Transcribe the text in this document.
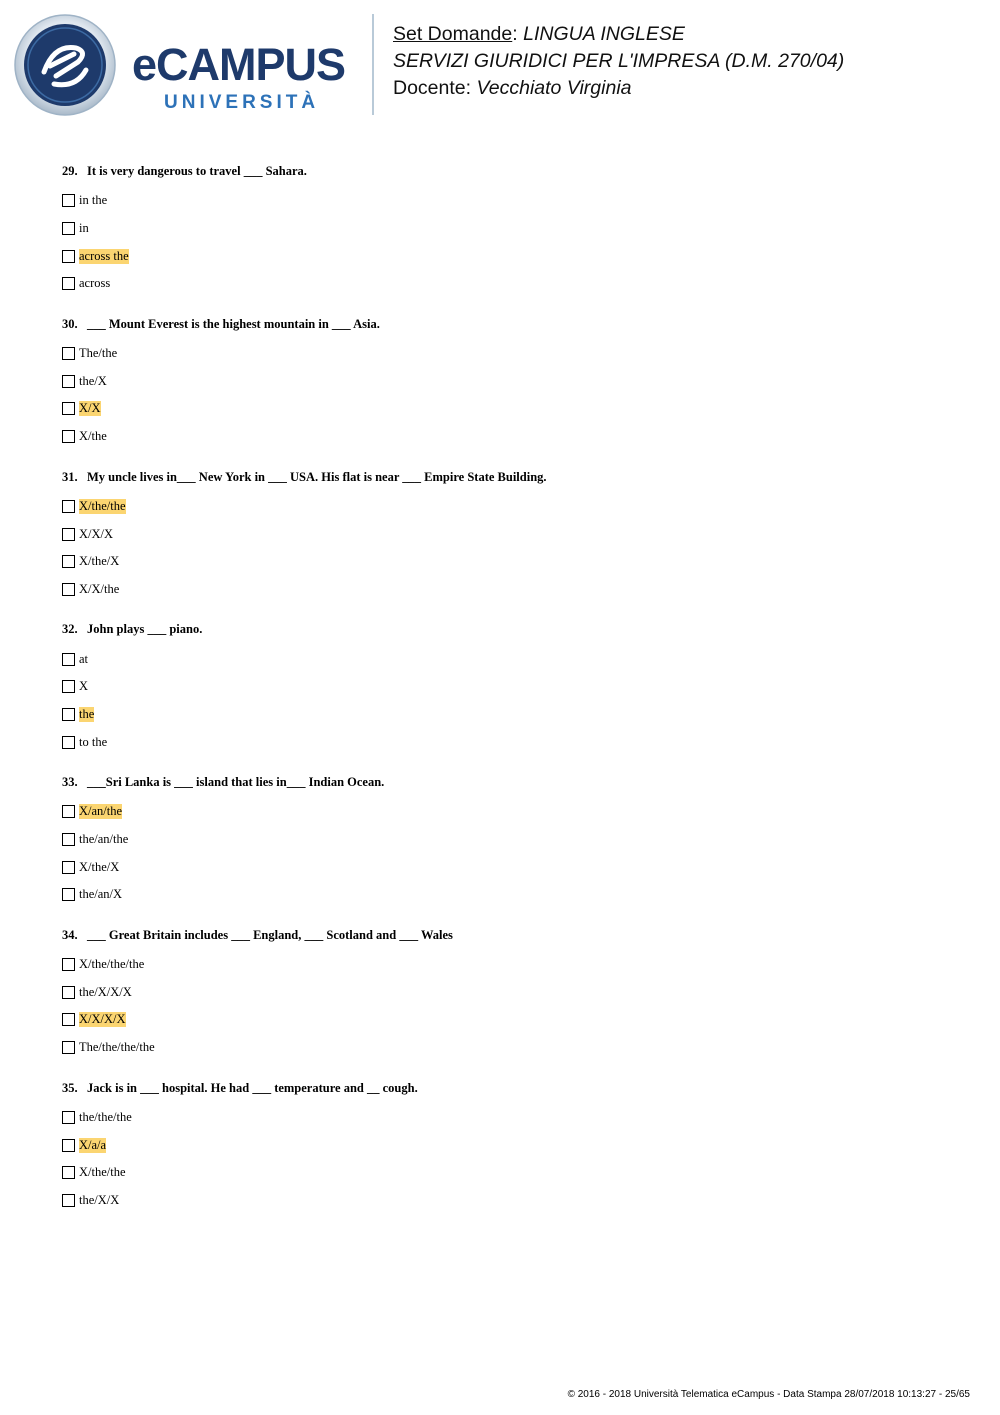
eCAMPUS
UNIVERSITÀ
Set Domande: LINGUA INGLESE
SERVIZI GIURIDICI PER L'IMPRESA (D.M. 270/04)
Docente: Vecchiato Virginia
29. It is very dangerous to travel ___ Sahara.
in the
in
across the
across
30. ___ Mount Everest is the highest mountain in ___ Asia.
The/the
the/X
X/X
X/the
31. My uncle lives in___ New York in ___ USA. His flat is near ___ Empire State Building.
X/the/the
X/X/X
X/the/X
X/X/the
32. John plays ___ piano.
at
X
the
to the
33. ___Sri Lanka is ___ island that lies in___ Indian Ocean.
X/an/the
the/an/the
X/the/X
the/an/X
34. ___ Great Britain includes ___ England, ___ Scotland and ___ Wales
X/the/the/the
the/X/X/X
X/X/X/X
The/the/the/the
35. Jack is in ___ hospital. He had ___ temperature and __ cough.
the/the/the
X/a/a
X/the/the
the/X/X
© 2016 - 2018 Università Telematica eCampus - Data Stampa 28/07/2018 10:13:27 - 25/65
